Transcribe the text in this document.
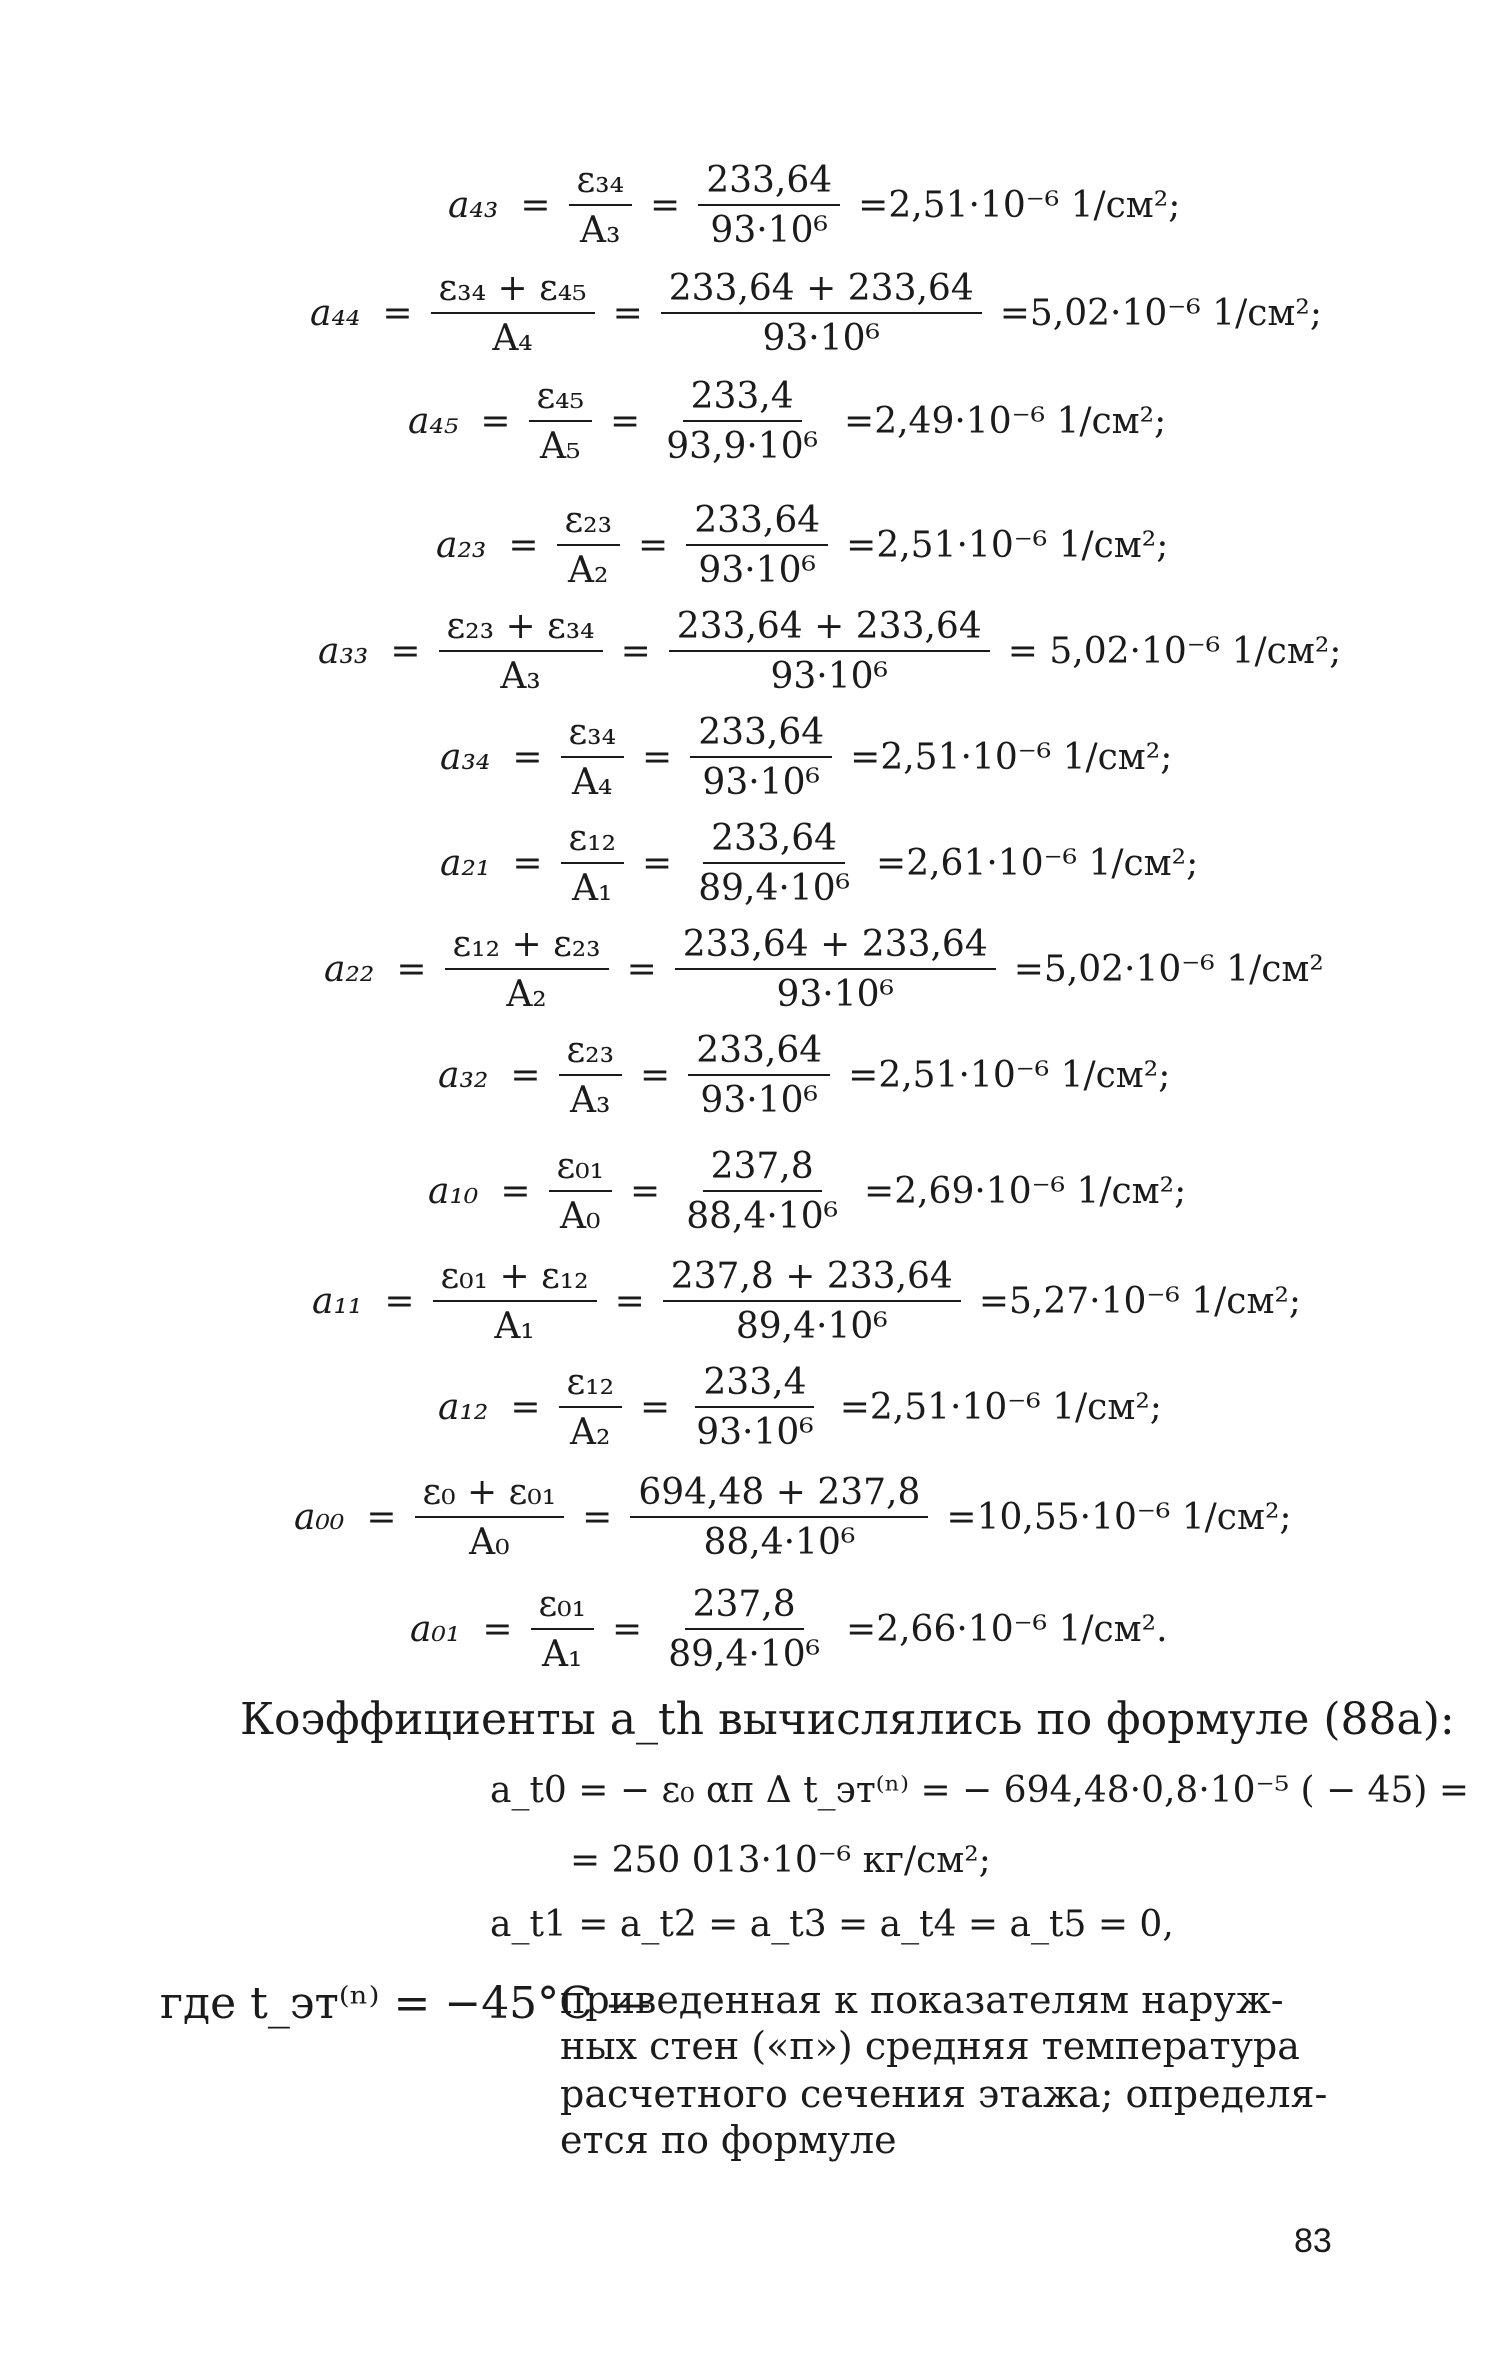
$a_{43} = \frac{\text{ε₃₄}}{\text{A₃}} = \frac{233,64}{\text{93·10⁶}} =2,51\cdot 10^{-6}$ 1/см²;
$a_{44} = \frac{\text{ε₃₄ + ε₄₅}}{\text{A₄}} = \frac{233,64 + 233,64}{\text{93·10⁶}} =5,02\cdot 10^{-6}$ 1/см²;
$a_{45} = \frac{\text{ε₄₅}}{\text{A₅}} = \frac{233,4}{\text{93,9·10⁶}} =2,49\cdot 10^{-6}$ 1/см²;
$a_{23} = \frac{\text{ε₂₃}}{\text{A₂}} = \frac{233,64}{\text{93·10⁶}} =2,51\cdot 10^{-6}$ 1/см²;
$a_{33} = \frac{\text{ε₂₃ + ε₃₄}}{\text{A₃}} = \frac{233,64 + 233,64}{\text{93·10⁶}} = 5,02\cdot 10^{-6}$ 1/см²;
$a_{34} = \frac{\text{ε₃₄}}{\text{A₄}} = \frac{233,64}{\text{93·10⁶}} =2,51\cdot 10^{-6}$ 1/см²;
$a_{21} = \frac{\text{ε₁₂}}{\text{A₁}} = \frac{233,64}{\text{89,4·10⁶}} =2,61\cdot 10^{-6}$ 1/см²;
$a_{22} = \frac{\text{ε₁₂ + ε₂₃}}{\text{A₂}} = \frac{233,64 + 233,64}{\text{93·10⁶}} =5,02\cdot 10^{-6}$ 1/см²
$a_{32} = \frac{\text{ε₂₃}}{\text{A₃}} = \frac{233,64}{\text{93·10⁶}} =2,51\cdot 10^{-6}$ 1/см²;
$a_{10} = \frac{\text{ε₀₁}}{\text{A₀}} = \frac{237,8}{\text{88,4·10⁶}} =2,69\cdot 10^{-6}$ 1/см²;
$a_{11} = \frac{\text{ε₀₁ + ε₁₂}}{\text{A₁}} = \frac{237,8 + 233,64}{\text{89,4·10⁶}} =5,27\cdot 10^{-6}$ 1/см²;
$a_{12} = \frac{\text{ε₁₂}}{\text{A₂}} = \frac{233,4}{\text{93·10⁶}} =2,51\cdot 10^{-6}$ 1/см²;
$a_{00} = \frac{\text{ε₀ + ε₀₁}}{\text{A₀}} = \frac{694,48 + 237,8}{\text{88,4·10⁶}} =10,55\cdot 10^{-6}$ 1/см²;
$a_{01} = \frac{\text{ε₀₁}}{\text{A₁}} = \frac{237,8}{\text{89,4·10⁶}} =2,66\cdot 10^{-6}$ 1/см².
Коэффициенты a_th вычислялись по формуле (88а):
a_t0 = − ε₀ αп Δ t_эт⁽ⁿ⁾ = − 694,48·0,8·10⁻⁵ ( − 45) =
= 250 013·10⁻⁶ кг/см²;
a_t1 = a_t2 = a_t3 = a_t4 = a_t5 = 0,
где t_эт⁽ⁿ⁾ = −45°С —
приведенная к показателям наруж-
ных стен («п») средняя температура
расчетного сечения этажа; определя-
ется по формуле
83
